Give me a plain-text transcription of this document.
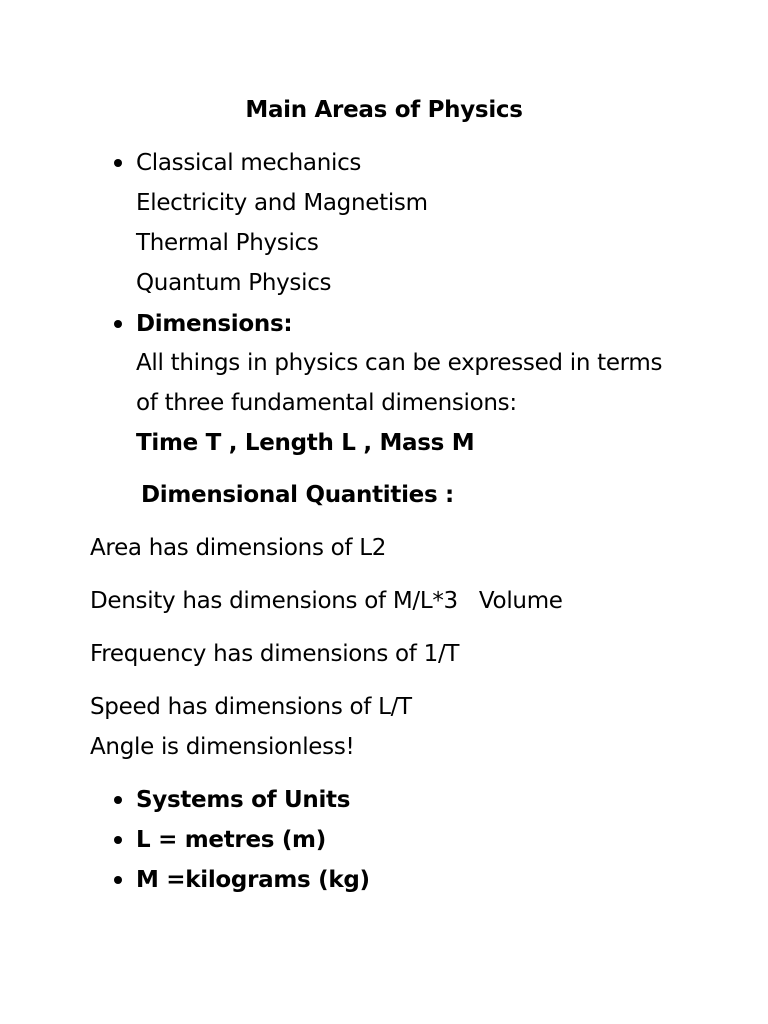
Main Areas of Physics
Classical mechanics
Electricity and Magnetism
Thermal Physics
Quantum Physics
Dimensions:
All things in physics can be expressed in terms
of three fundamental dimensions:
Time T , Length L , Mass M
Dimensional Quantities :
Area has dimensions of L2
Density has dimensions of M/L*3   Volume
Frequency has dimensions of 1/T
Speed has dimensions of L/T
Angle is dimensionless!
Systems of Units
L = metres (m)
M =kilograms (kg)
